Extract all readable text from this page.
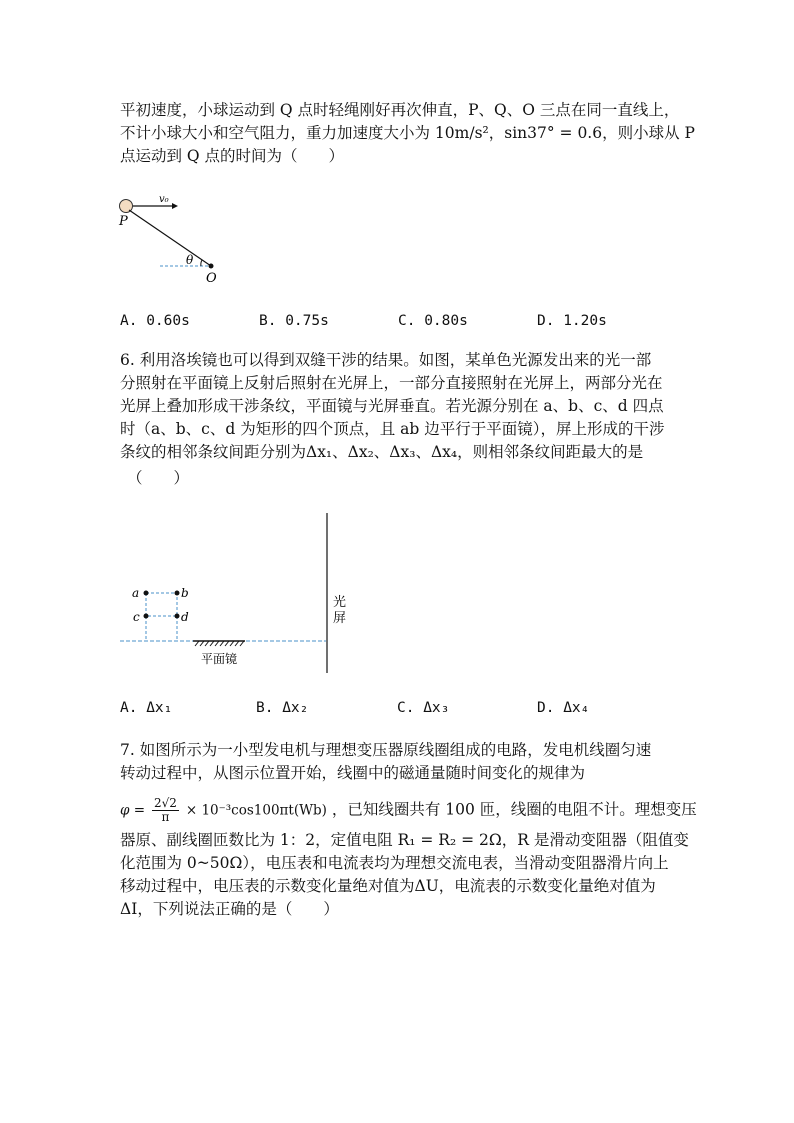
平初速度，小球运动到 Q 点时轻绳刚好再次伸直，P、Q、O 三点在同一直线上，
不计小球大小和空气阻力，重力加速度大小为 10m/s²，sin37° = 0.6，则小球从 P
点运动到 Q 点的时间为（　　）
v₀
P
O
θ
A. 0.60s	B. 0.75s	C. 0.80s	D. 1.20s
6. 利用洛埃镜也可以得到双缝干涉的结果。如图，某单色光源发出来的光一部
分照射在平面镜上反射后照射在光屏上，一部分直接照射在光屏上，两部分光在
光屏上叠加形成干涉条纹，平面镜与光屏垂直。若光源分别在 a、b、c、d 四点
时（a、b、c、d 为矩形的四个顶点，且 ab 边平行于平面镜），屏上形成的干涉
条纹的相邻条纹间距分别为Δx₁、Δx₂、Δx₃、Δx₄，则相邻条纹间距最大的是
（　　）
光
屏
平面镜
a	b
c	d
A. Δx₁	B. Δx₂	C. Δx₃	D. Δx₄
7. 如图所示为一小型发电机与理想变压器原线圈组成的电路，发电机线圈匀速
转动过程中，从图示位置开始，线圈中的磁通量随时间变化的规律为
$\varphi = \frac{2√2}{\pi} \times 10^{-3}\cos 100\pi t(Wb)$ ，已知线圈共有 100 匝，线圈的电阻不计。理想变压
器原、副线圈匝数比为 1：2，定值电阻 R₁ = R₂ = 2Ω，R 是滑动变阻器（阻值变
化范围为 0~50Ω），电压表和电流表均为理想交流电表，当滑动变阻器滑片向上
移动过程中，电压表的示数变化量绝对值为ΔU，电流表的示数变化量绝对值为
ΔI，下列说法正确的是（　　）
